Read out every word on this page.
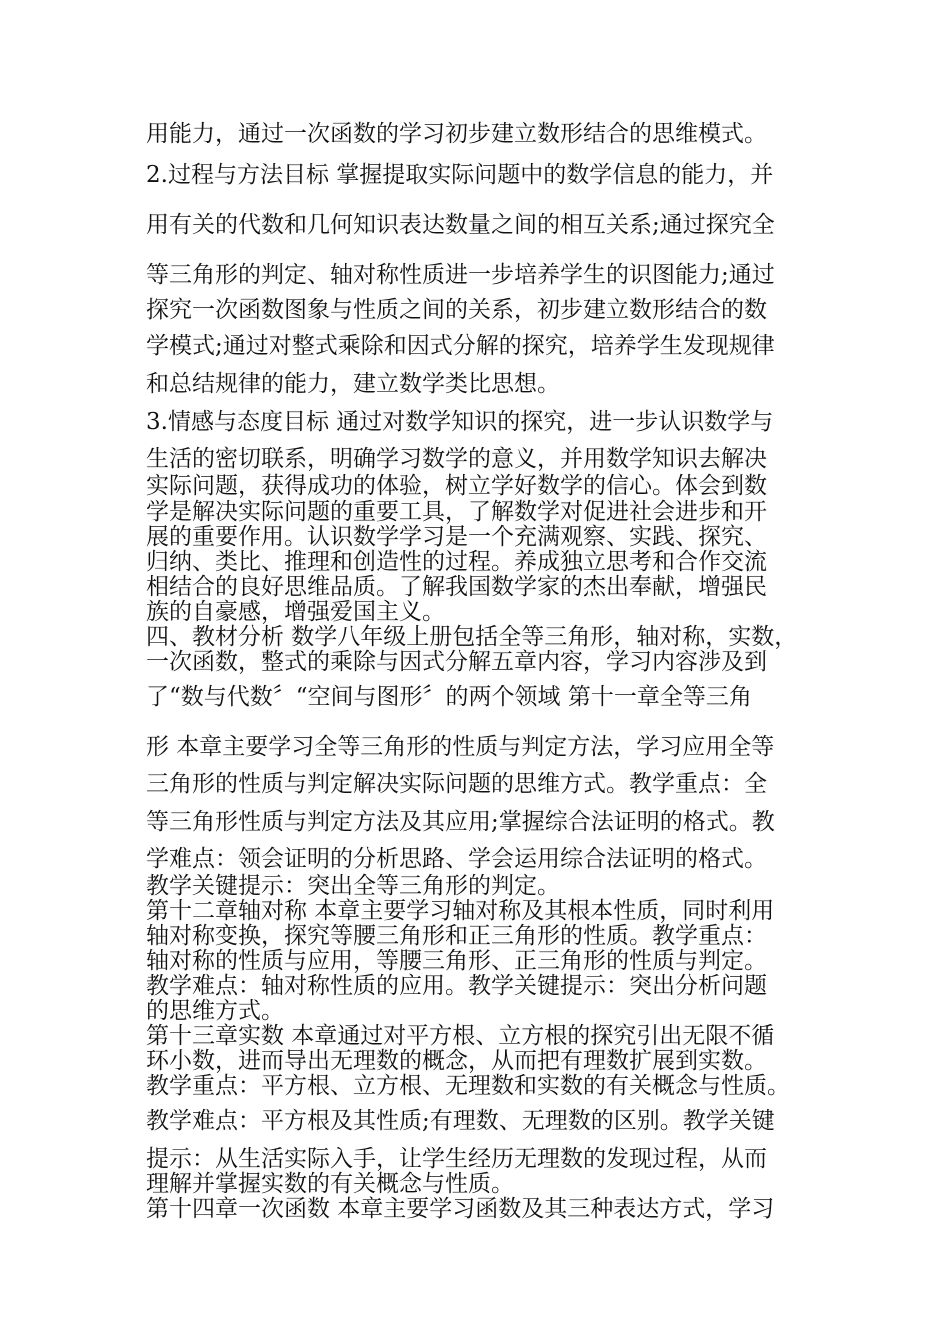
用能力，通过一次函数的学习初步建立数形结合的思维模式。

2.过程与方法目标 掌握提取实际问题中的数学信息的能力，并

用有关的代数和几何知识表达数量之间的相互关系;通过探究全

等三角形的判定、轴对称性质进一步培养学生的识图能力;通过

探究一次函数图象与性质之间的关系，初步建立数形结合的数

学模式;通过对整式乘除和因式分解的探究，培养学生发现规律

和总结规律的能力，建立数学类比思想。

3.情感与态度目标 通过对数学知识的探究，进一步认识数学与

生活的密切联系，明确学习数学的意义，并用数学知识去解决

实际问题，获得成功的体验，树立学好数学的信心。体会到数

学是解决实际问题的重要工具，了解数学对促进社会进步和开

展的重要作用。认识数学学习是一个充满观察、实践、探究、

归纳、类比、推理和创造性的过程。养成独立思考和合作交流

相结合的良好思维品质。了解我国数学家的杰出奉献，增强民

族的自豪感，增强爱国主义。

四、教材分析 数学八年级上册包括全等三角形，轴对称，实数，

一次函数，整式的乘除与因式分解五章内容，学习内容涉及到

了“数与代数〞“空间与图形〞的两个领域 第十一章全等三角

形 本章主要学习全等三角形的性质与判定方法，学习应用全等

三角形的性质与判定解决实际问题的思维方式。教学重点：全

等三角形性质与判定方法及其应用;掌握综合法证明的格式。教

学难点：领会证明的分析思路、学会运用综合法证明的格式。

教学关键提示：突出全等三角形的判定。

第十二章轴对称 本章主要学习轴对称及其根本性质，同时利用

轴对称变换，探究等腰三角形和正三角形的性质。教学重点：

轴对称的性质与应用，等腰三角形、正三角形的性质与判定。

教学难点：轴对称性质的应用。教学关键提示：突出分析问题

的思维方式。

第十三章实数 本章通过对平方根、立方根的探究引出无限不循

环小数，进而导出无理数的概念，从而把有理数扩展到实数。

教学重点：平方根、立方根、无理数和实数的有关概念与性质。

教学难点：平方根及其性质;有理数、无理数的区别。教学关键

提示：从生活实际入手，让学生经历无理数的发现过程，从而

理解并掌握实数的有关概念与性质。

第十四章一次函数 本章主要学习函数及其三种表达方式，学习
